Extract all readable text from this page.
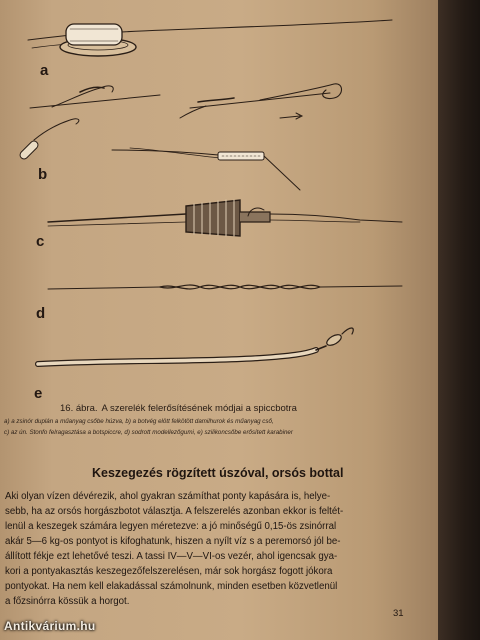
a
b
c
d
e
16. ábra. A szerelék felerősítésének módjai a spiccbotra
a) a zsinór duplán a műanyag csőbe húzva, b) a botvég elött felkötött damilhurok és műanyag cső,
c) az ún. Stonfo felragasztása a botspiccre, d) sodrott modellezőgumi, e) szilikoncsőbe erősített karabiner
Keszegezés rögzített úszóval, orsós bottal
Aki olyan vízen dévérezik, ahol gyakran számíthat ponty kapására is, helye-
sebb, ha az orsós horgászbotot választja. A felszerelés azonban ekkor is feltét-
lenül a keszegek számára legyen méretezve: a jó minőségű 0,15-ös zsinórral
akár 5—6 kg-os pontyot is kifoghatunk, hiszen a nyílt víz s a peremorsó jól be-
állított fékje ezt lehetővé teszi. A tassi IV—V—VI-os vezér, ahol igencsak gya-
kori a pontyakasztás keszegezőfelszerelésen, már sok horgász fogott jókora
pontyokat. Ha nem kell elakadással számolnunk, minden esetben közvetlenül
a főzsinórra kössük a horgot.
31
Antikvárium.hu
